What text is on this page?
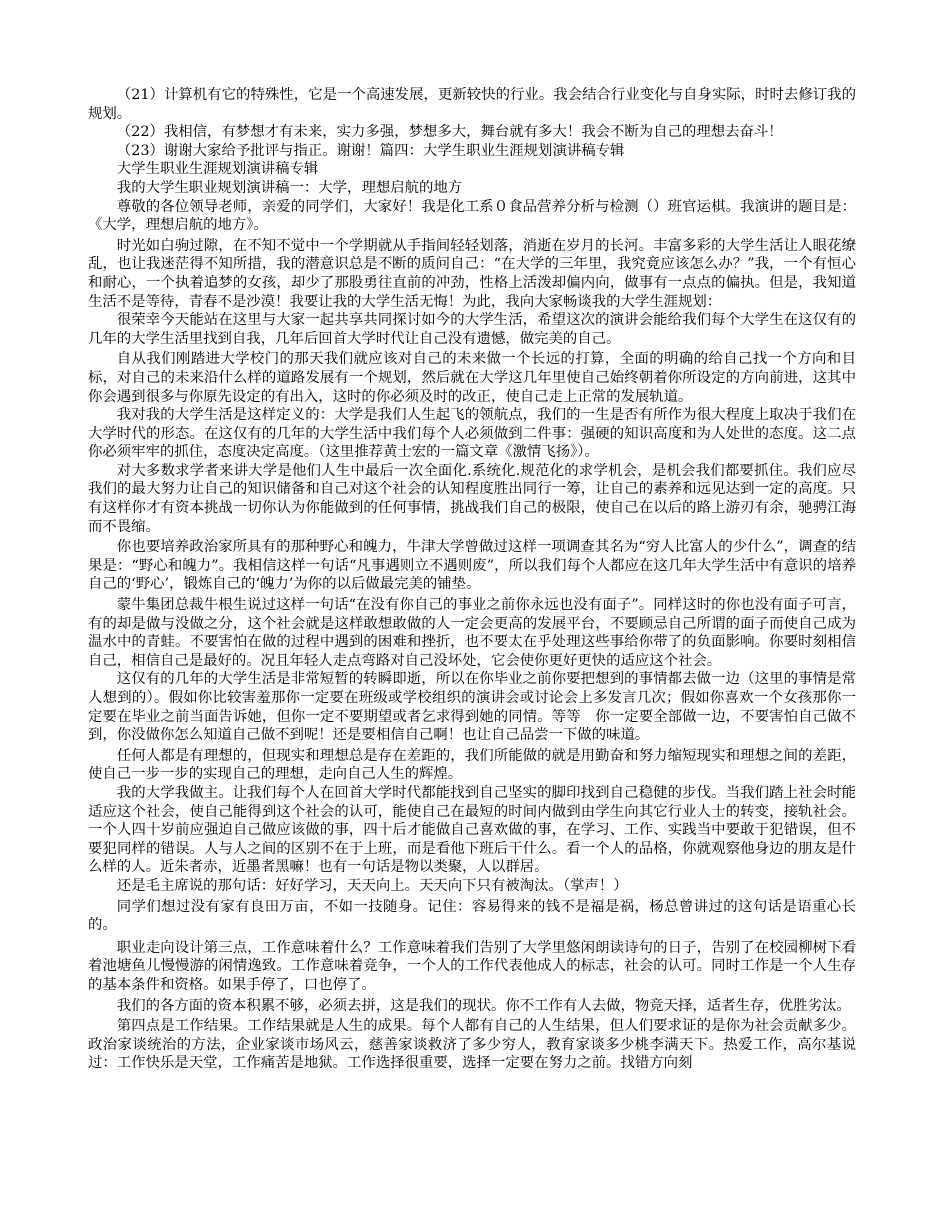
（21）计算机有它的特殊性，它是一个高速发展，更新较快的行业。我会结合行业变化与自身实际，时时去修订我的规划。

（22）我相信，有梦想才有未来，实力多强，梦想多大，舞台就有多大！我会不断为自己的理想去奋斗！

（23）谢谢大家给予批评与指正。谢谢！篇四：大学生职业生涯规划演讲稿专辑

大学生职业生涯规划演讲稿专辑

我的大学生职业规划演讲稿一：大学，理想启航的地方

尊敬的各位领导老师，亲爱的同学们，大家好！我是化工系０食品营养分析与检测（）班官运棋。我演讲的题目是：《大学，理想启航的地方》。

时光如白驹过隙，在不知不觉中一个学期就从手指间轻轻划落，消逝在岁月的长河。丰富多彩的大学生活让人眼花缭乱，也让我迷茫得不知所措，我的潜意识总是不断的质问自己：“在大学的三年里，我究竟应该怎么办？”我，一个有恒心和耐心，一个执着追梦的女孩，却少了那股勇往直前的冲劲，性格上活泼却偏内向，做事有一点点的偏执。但是，我知道生活不是等待，青春不是沙漠！我要让我的大学生活无悔！为此，我向大家畅谈我的大学生涯规划：

很荣幸今天能站在这里与大家一起共享共同探讨如今的大学生活，希望这次的演讲会能给我们每个大学生在这仅有的几年的大学生活里找到自我，几年后回首大学时代让自己没有遗憾，做完美的自己。

自从我们刚踏进大学校门的那天我们就应该对自己的未来做一个长远的打算，全面的明确的给自己找一个方向和目标，对自己的未来沿什么样的道路发展有一个规划，然后就在大学这几年里使自己始终朝着你所设定的方向前进，这其中你会遇到很多与你原先设定的有出入，这时的你必须及时的改正，使自己走上正常的发展轨道。

我对我的大学生活是这样定义的：大学是我们人生起飞的领航点，我们的一生是否有所作为很大程度上取决于我们在大学时代的形态。在这仅有的几年的大学生活中我们每个人必须做到二件事：强硬的知识高度和为人处世的态度。这二点你必须牢牢的抓住，态度决定高度。（这里推荐黄士宏的一篇文章《激情飞扬》）。

对大多数求学者来讲大学是他们人生中最后一次全面化.系统化.规范化的求学机会，是机会我们都要抓住。我们应尽我们的最大努力让自己的知识储备和自己对这个社会的认知程度胜出同行一筹，让自己的素养和远见达到一定的高度。只有这样你才有资本挑战一切你认为你能做到的任何事情，挑战我们自己的极限，使自己在以后的路上游刃有余，驰骋江海而不畏缩。

你也要培养政治家所具有的那种野心和魄力，牛津大学曾做过这样一项调查其名为“穷人比富人的少什么”，调查的结果是：“野心和魄力”。我相信这样一句话“凡事遇则立不遇则废”，所以我们每个人都应在这几年大学生活中有意识的培养自己的‘野心’，锻炼自己的‘魄力’为你的以后做最完美的铺垫。

蒙牛集团总裁牛根生说过这样一句话“在没有你自己的事业之前你永远也没有面子”。同样这时的你也没有面子可言，有的却是做与没做之分，这个社会就是这样敢想敢做的人一定会更高的发展平台，不要顾忌自己所谓的面子而使自己成为温水中的青蛙。不要害怕在做的过程中遇到的困难和挫折，也不要太在乎处理这些事给你带了的负面影响。你要时刻相信自己，相信自己是最好的。况且年轻人走点弯路对自己没坏处，它会使你更好更快的适应这个社会。

这仅有的几年的大学生活是非常短暂的转瞬即逝，所以在你毕业之前你要把想到的事情都去做一边（这里的事情是常人想到的）。假如你比较害羞那你一定要在班级或学校组织的演讲会或讨论会上多发言几次；假如你喜欢一个女孩那你一定要在毕业之前当面告诉她，但你一定不要期望或者乞求得到她的同情。等等　你一定要全部做一边，不要害怕自己做不到，你没做你怎么知道自己做不到呢！还是要相信自己啊！也让自己品尝一下做的味道。

任何人都是有理想的，但现实和理想总是存在差距的，我们所能做的就是用勤奋和努力缩短现实和理想之间的差距，使自己一步一步的实现自己的理想，走向自己人生的辉煌。

我的大学我做主。让我们每个人在回首大学时代都能找到自己坚实的脚印找到自己稳健的步伐。当我们踏上社会时能适应这个社会，使自己能得到这个社会的认可，能使自己在最短的时间内做到由学生向其它行业人士的转变，接轨社会。一个人四十岁前应强迫自己做应该做的事，四十后才能做自己喜欢做的事，在学习、工作、实践当中要敢于犯错误，但不要犯同样的错误。人与人之间的区别不在于上班，而是看他下班后干什么。看一个人的品格，你就观察他身边的朋友是什么样的人。近朱者赤，近墨者黑嘛！也有一句话是物以类聚，人以群居。

还是毛主席说的那句话：好好学习，天天向上。天天向下只有被淘汰。（掌声！）

同学们想过没有家有良田万亩，不如一技随身。记住：容易得来的钱不是福是祸，杨总曾讲过的这句话是语重心长的。

职业走向设计第三点，工作意味着什么？工作意味着我们告别了大学里悠闲朗读诗句的日子，告别了在校园柳树下看着池塘鱼儿慢慢游的闲情逸致。工作意味着竞争，一个人的工作代表他成人的标志，社会的认可。同时工作是一个人生存的基本条件和资格。如果手停了，口也停了。

我们的各方面的资本积累不够，必须去拼，这是我们的现状。你不工作有人去做，物竞天择，适者生存，优胜劣汰。

第四点是工作结果。工作结果就是人生的成果。每个人都有自己的人生结果，但人们要求证的是你为社会贡献多少。政治家谈统治的方法，企业家谈市场风云，慈善家谈救济了多少穷人，教育家谈多少桃李满天下。热爱工作，高尔基说过：工作快乐是天堂，工作痛苦是地狱。工作选择很重要，选择一定要在努力之前。找错方向刻
